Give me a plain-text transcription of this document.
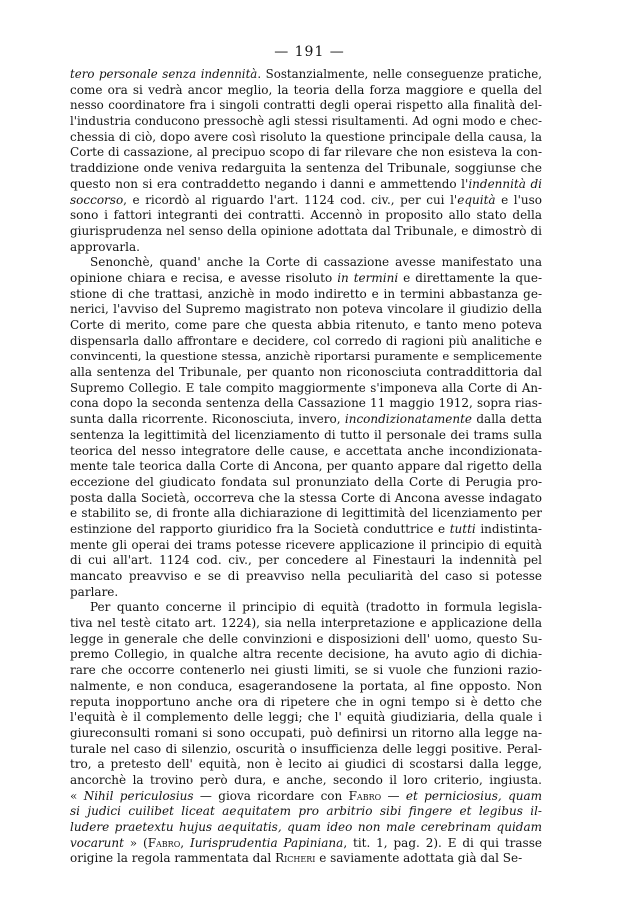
— 191 —
tero personale senza indennità. Sostanzialmente, nelle conseguenze pratiche,
come ora si vedrà ancor meglio, la teoria della forza maggiore e quella del
nesso coordinatore fra i singoli contratti degli operai rispetto alla finalità del-
l'industria conducono pressochè agli stessi risultamenti. Ad ogni modo e chec-
chessia di ciò, dopo avere così risoluto la questione principale della causa, la
Corte di cassazione, al precipuo scopo di far rilevare che non esisteva la con-
traddizione onde veniva redarguita la sentenza del Tribunale, soggiunse che
questo non si era contraddetto negando i danni e ammettendo l'indennità di
soccorso, e ricordò al riguardo l'art. 1124 cod. civ., per cui l'equità e l'uso
sono i fattori integranti dei contratti. Accennò in proposito allo stato della
giurisprudenza nel senso della opinione adottata dal Tribunale, e dimostrò di
approvarla.
Senonchè, quand' anche la Corte di cassazione avesse manifestato una
opinione chiara e recisa, e avesse risoluto in termini e direttamente la que-
stione di che trattasi, anzichè in modo indiretto e in termini abbastanza ge-
nerici, l'avviso del Supremo magistrato non poteva vincolare il giudizio della
Corte di merito, come pare che questa abbia ritenuto, e tanto meno poteva
dispensarla dallo affrontare e decidere, col corredo di ragioni più analitiche e
convincenti, la questione stessa, anzichè riportarsi puramente e semplicemente
alla sentenza del Tribunale, per quanto non riconosciuta contraddittoria dal
Supremo Collegio. E tale compito maggiormente s'imponeva alla Corte di An-
cona dopo la seconda sentenza della Cassazione 11 maggio 1912, sopra rias-
sunta dalla ricorrente. Riconosciuta, invero, incondizionatamente dalla detta
sentenza la legittimità del licenziamento di tutto il personale dei trams sulla
teorica del nesso integratore delle cause, e accettata anche incondizionata-
mente tale teorica dalla Corte di Ancona, per quanto appare dal rigetto della
eccezione del giudicato fondata sul pronunziato della Corte di Perugia pro-
posta dalla Società, occorreva che la stessa Corte di Ancona avesse indagato
e stabilito se, di fronte alla dichiarazione di legittimità del licenziamento per
estinzione del rapporto giuridico fra la Società conduttrice e tutti indistinta-
mente gli operai dei trams potesse ricevere applicazione il principio di equità
di cui all'art. 1124 cod. civ., per concedere al Finestauri la indennità pel
mancato preavviso e se di preavviso nella peculiarità del caso si potesse
parlare.
Per quanto concerne il principio di equità (tradotto in formula legisla-
tiva nel testè citato art. 1224), sia nella interpretazione e applicazione della
legge in generale che delle convinzioni e disposizioni dell' uomo, questo Su-
premo Collegio, in qualche altra recente decisione, ha avuto agio di dichia-
rare che occorre contenerlo nei giusti limiti, se si vuole che funzioni razio-
nalmente, e non conduca, esagerandosene la portata, al fine opposto. Non
reputa inopportuno anche ora di ripetere che in ogni tempo si è detto che
l'equità è il complemento delle leggi; che l' equità giudiziaria, della quale i
giureconsulti romani si sono occupati, può definirsi un ritorno alla legge na-
turale nel caso di silenzio, oscurità o insufficienza delle leggi positive. Peral-
tro, a pretesto dell' equità, non è lecito ai giudici di scostarsi dalla legge,
ancorchè la trovino però dura, e anche, secondo il loro criterio, ingiusta.
« Nihil periculosius — giova ricordare con Fabro — et perniciosius, quam
si judici cuilibet liceat aequitatem pro arbitrio sibi fingere et legibus il-
ludere praetextu hujus aequitatis, quam ideo non male cerebrinam quidam
vocarunt » (Fabro, Iurisprudentia Papiniana, tit. 1, pag. 2). E di qui trasse
origine la regola rammentata dal Richeri e saviamente adottata già dal Se-
